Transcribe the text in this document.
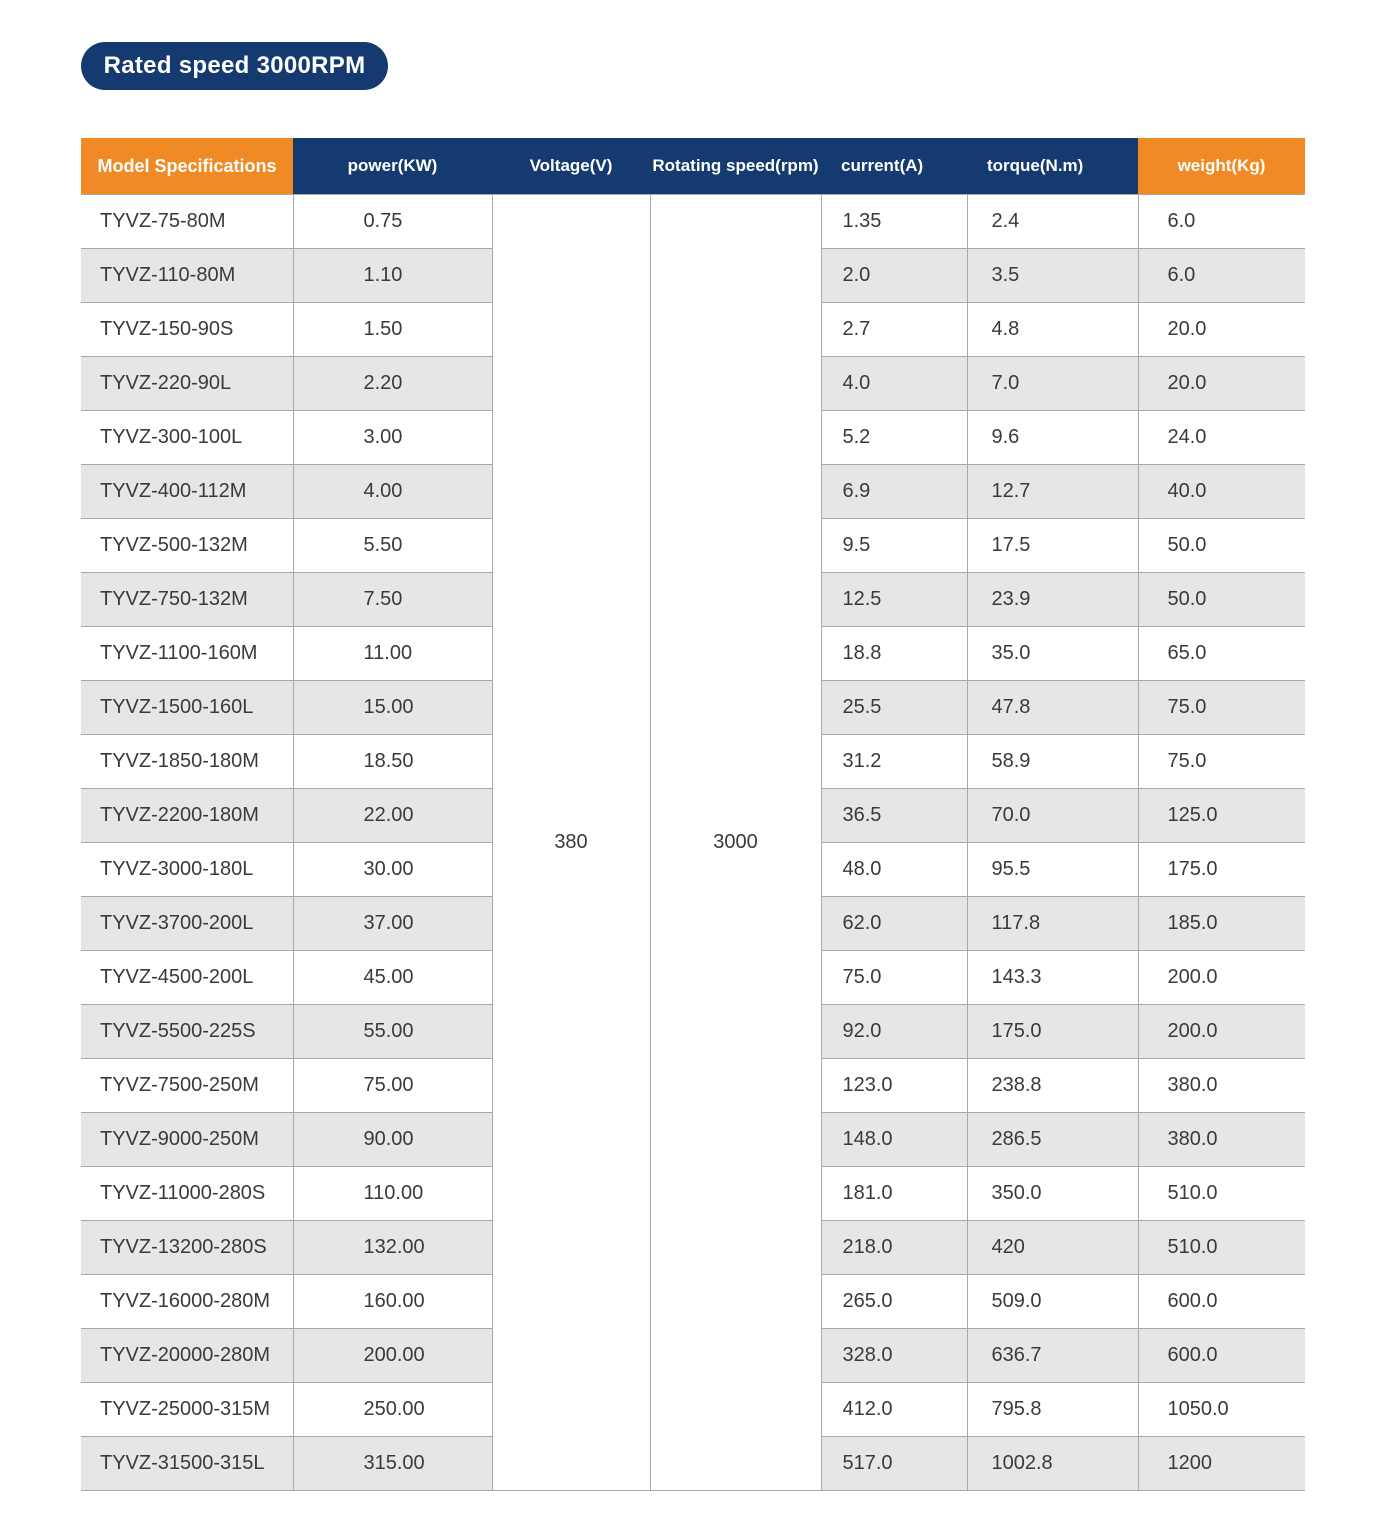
Rated speed 3000RPM
Model Specifications	power(KW)	Voltage(V)	Rotating speed(rpm)	current(A)	torque(N.m)	weight(Kg)
TYVZ-75-80M	0.75	380	3000	1.35	2.4	6.0
TYVZ-110-80M	1.10			2.0	3.5	6.0
TYVZ-150-90S	1.50			2.7	4.8	20.0
TYVZ-220-90L	2.20			4.0	7.0	20.0
TYVZ-300-100L	3.00			5.2	9.6	24.0
TYVZ-400-112M	4.00			6.9	12.7	40.0
TYVZ-500-132M	5.50			9.5	17.5	50.0
TYVZ-750-132M	7.50			12.5	23.9	50.0
TYVZ-1100-160M	11.00			18.8	35.0	65.0
TYVZ-1500-160L	15.00			25.5	47.8	75.0
TYVZ-1850-180M	18.50			31.2	58.9	75.0
TYVZ-2200-180M	22.00			36.5	70.0	125.0
TYVZ-3000-180L	30.00			48.0	95.5	175.0
TYVZ-3700-200L	37.00			62.0	117.8	185.0
TYVZ-4500-200L	45.00			75.0	143.3	200.0
TYVZ-5500-225S	55.00			92.0	175.0	200.0
TYVZ-7500-250M	75.00			123.0	238.8	380.0
TYVZ-9000-250M	90.00			148.0	286.5	380.0
TYVZ-11000-280S	110.00			181.0	350.0	510.0
TYVZ-13200-280S	132.00			218.0	420	510.0
TYVZ-16000-280M	160.00			265.0	509.0	600.0
TYVZ-20000-280M	200.00			328.0	636.7	600.0
TYVZ-25000-315M	250.00			412.0	795.8	1050.0
TYVZ-31500-315L	315.00			517.0	1002.8	1200
